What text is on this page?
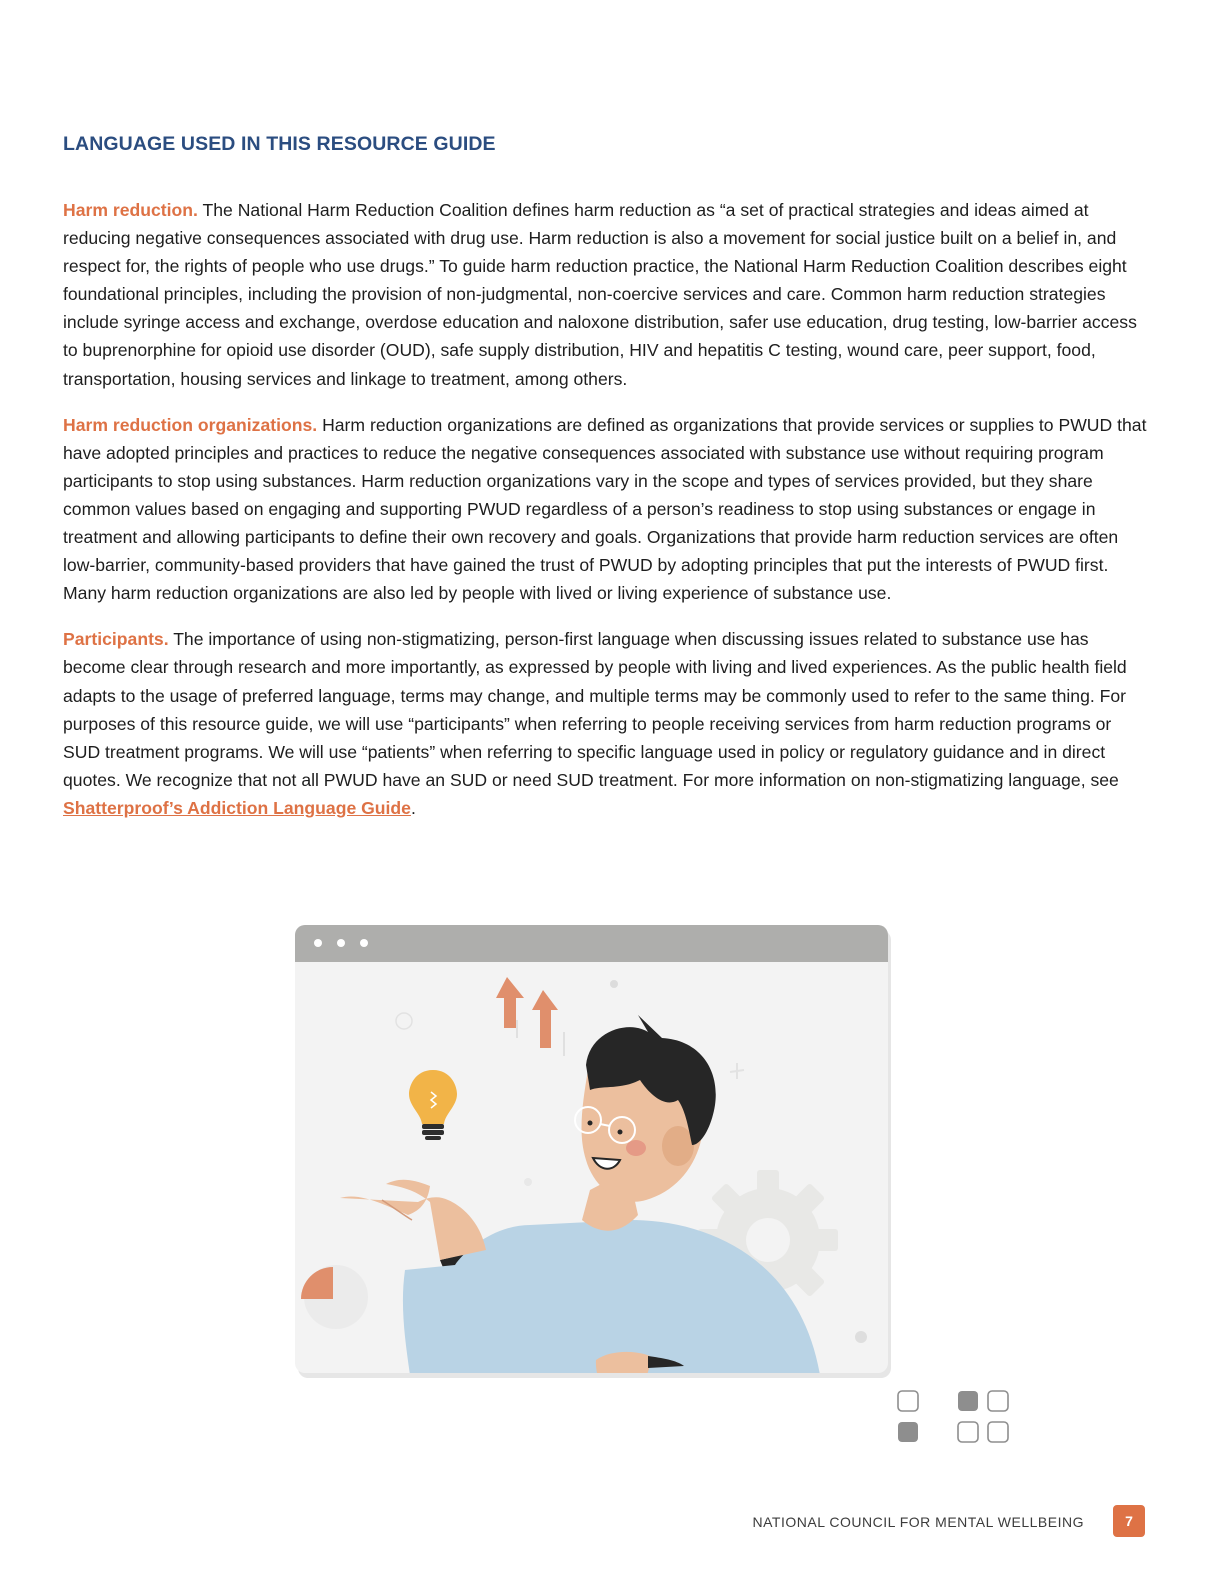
LANGUAGE USED IN THIS RESOURCE GUIDE

Harm reduction. The National Harm Reduction Coalition defines harm reduction as “a set of practical strategies and ideas aimed at reducing negative consequences associated with drug use. Harm reduction is also a movement for social justice built on a belief in, and respect for, the rights of people who use drugs.” To guide harm reduction practice, the National Harm Reduction Coalition describes eight foundational principles, including the provision of non-judgmental, non-coercive services and care. Common harm reduction strategies include syringe access and exchange, overdose education and naloxone distribution, safer use education, drug testing, low-barrier access to buprenorphine for opioid use disorder (OUD), safe supply distribution, HIV and hepatitis C testing, wound care, peer support, food, transportation, housing services and linkage to treatment, among others.

Harm reduction organizations. Harm reduction organizations are defined as organizations that provide services or supplies to PWUD that have adopted principles and practices to reduce the negative consequences associated with substance use without requiring program participants to stop using substances. Harm reduction organizations vary in the scope and types of services provided, but they share common values based on engaging and supporting PWUD regardless of a person’s readiness to stop using substances or engage in treatment and allowing participants to define their own recovery and goals. Organizations that provide harm reduction services are often low-barrier, community-based providers that have gained the trust of PWUD by adopting principles that put the interests of PWUD first. Many harm reduction organizations are also led by people with lived or living experience of substance use.

Participants. The importance of using non-stigmatizing, person-first language when discussing issues related to substance use has become clear through research and more importantly, as expressed by people with living and lived experiences. As the public health field adapts to the usage of preferred language, terms may change, and multiple terms may be commonly used to refer to the same thing. For purposes of this resource guide, we will use “participants” when referring to people receiving services from harm reduction programs or SUD treatment programs. We will use “patients” when referring to specific language used in policy or regulatory guidance and in direct quotes. We recognize that not all PWUD have an SUD or need SUD treatment. For more information on non-stigmatizing language, see  Shatterproof’s Addiction Language Guide.

NATIONAL COUNCIL FOR MENTAL WELLBEING	7
